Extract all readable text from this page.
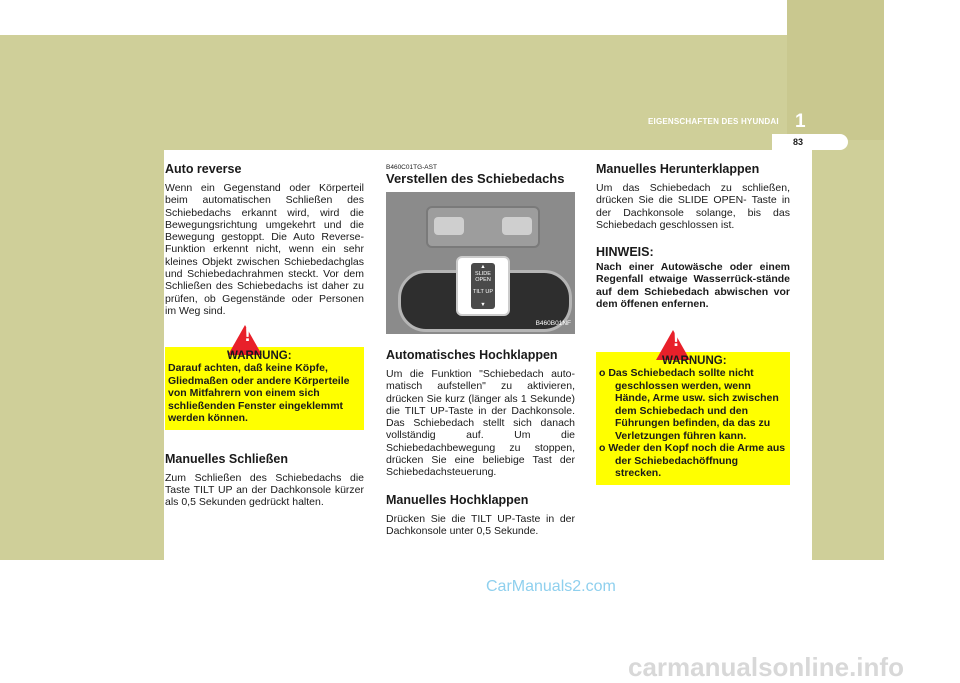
1
EIGENSCHAFTEN DES HYUNDAI
83
Auto reverse

Wenn ein Gegenstand oder Körperteil beim automatischen Schließen des Schiebedachs erkannt wird, wird die Bewegungsrichtung umgekehrt und die Bewegung gestoppt. Die Auto Reverse-Funktion erkennt nicht, wenn ein sehr kleines Objekt zwischen Schiebedachglas und Schiebedachrahmen steckt. Vor dem Schließen des Schiebedachs ist daher zu prüfen, ob Gegenstände oder Personen im Weg sind.

!
WARNUNG:
Darauf achten, daß keine Köpfe, Gliedmaßen oder andere Körperteile von Mitfahrern von einem sich schließenden Fenster eingeklemmt werden können.
Manuelles Schließen

Zum Schließen des Schiebedachs die Taste TILT UP an der Dachkonsole kürzer als 0,5 Sekunden gedrückt halten.

B460C01TG-AST
Verstellen des Schiebedachs
▲
SLIDE OPEN
TILT UP
▼
B460B01NF
Automatisches Hochklappen

Um die Funktion "Schiebedach auto-matisch aufstellen" zu aktivieren, drücken Sie kurz (länger als 1 Sekunde) die TILT UP-Taste in der Dachkonsole. Das Schiebedach stellt sich danach vollständig auf. Um die Schiebedachbewegung zu stoppen, drücken Sie eine beliebige Tast der Schiebedachsteuerung.

Manuelles Hochklappen

Drücken Sie die TILT UP-Taste in der Dachkonsole unter 0,5 Sekunde.

Manuelles Herunterklappen

Um das Schiebedach zu schließen, drücken Sie die SLIDE OPEN- Taste in der Dachkonsole solange, bis das Schiebedach geschlossen ist.

HINWEIS:

Nach einer Autowäsche oder einem Regenfall etwaige Wasserrück-stände auf dem Schiebedach abwischen vor dem öffenen enfernen.

!
WARNUNG:
o Das Schiebedach sollte nicht geschlossen werden, wenn Hände, Arme usw. sich zwischen dem Schiebedach und den Führungen befinden, da das zu Verletzungen führen kann.
o Weder den Kopf noch die Arme aus der Schiebedachöffnung strecken.
CarManuals2.com
carmanualsonline.info
